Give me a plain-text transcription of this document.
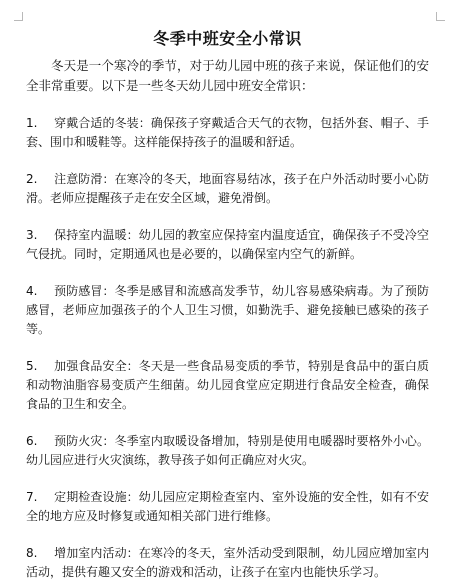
冬季中班安全小常识

冬天是一个寒冷的季节，对于幼儿园中班的孩子来说，保证他们的安全非常重要。以下是一些冬天幼儿园中班安全常识：

1. 穿戴合适的冬装：确保孩子穿戴适合天气的衣物，包括外套、帽子、手套、围巾和暖鞋等。这样能保持孩子的温暖和舒适。
2. 注意防滑：在寒冷的冬天，地面容易结冰，孩子在户外活动时要小心防滑。老师应提醒孩子走在安全区域，避免滑倒。
3. 保持室内温暖：幼儿园的教室应保持室内温度适宜，确保孩子不受冷空气侵扰。同时，定期通风也是必要的，以确保室内空气的新鲜。
4. 预防感冒：冬季是感冒和流感高发季节，幼儿容易感染病毒。为了预防感冒，老师应加强孩子的个人卫生习惯，如勤洗手、避免接触已感染的孩子等。
5. 加强食品安全：冬天是一些食品易变质的季节，特别是食品中的蛋白质和动物油脂容易变质产生细菌。幼儿园食堂应定期进行食品安全检查，确保食品的卫生和安全。
6. 预防火灾：冬季室内取暖设备增加，特别是使用电暖器时要格外小心。幼儿园应进行火灾演练，教导孩子如何正确应对火灾。
7. 定期检查设施：幼儿园应定期检查室内、室外设施的安全性，如有不安全的地方应及时修复或通知相关部门进行维修。
8. 增加室内活动：在寒冷的冬天，室外活动受到限制，幼儿园应增加室内活动，提供有趣又安全的游戏和活动，让孩子在室内也能快乐学习。
